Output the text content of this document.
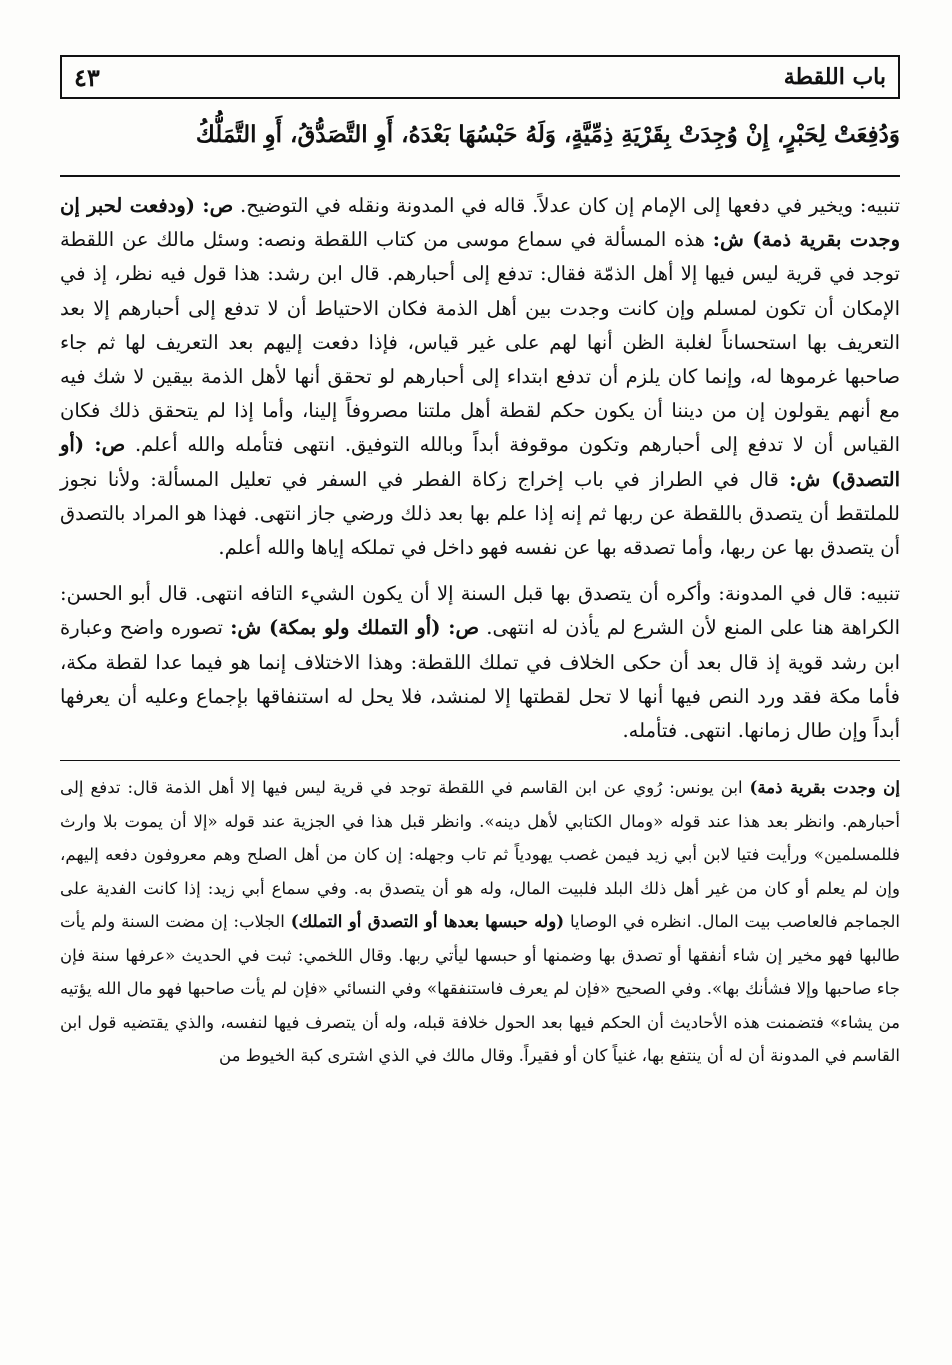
باب اللقطة
٤٣
وَدُفِعَتْ لِحَبْرٍ، إِنْ وُجِدَتْ بِقَرْيَةِ ذِمِّيَّةٍ، وَلَهُ حَبْسُهَا بَعْدَهُ، أَوِ التَّصَدُّقُ، أَوِ التَّمَلُّكُ

تنبيه: ويخير في دفعها إلى الإمام إن كان عدلاً. قاله في المدونة ونقله في التوضيح. ص: (ودفعت لحبر إن وجدت بقرية ذمة) ش: هذه المسألة في سماع موسى من كتاب اللقطة ونصه: وسئل مالك عن اللقطة توجد في قرية ليس فيها إلا أهل الذمّة فقال: تدفع إلى أحبارهم. قال ابن رشد: هذا قول فيه نظر، إذ في الإمكان أن تكون لمسلم وإن كانت وجدت بين أهل الذمة فكان الاحتياط أن لا تدفع إلى أحبارهم إلا بعد التعريف بها استحساناً لغلبة الظن أنها لهم على غير قياس، فإذا دفعت إليهم بعد التعريف لها ثم جاء صاحبها غرموها له، وإنما كان يلزم أن تدفع ابتداء إلى أحبارهم لو تحقق أنها لأهل الذمة بيقين لا شك فيه مع أنهم يقولون إن من ديننا أن يكون حكم لقطة أهل ملتنا مصروفاً إلينا، وأما إذا لم يتحقق ذلك فكان القياس أن لا تدفع إلى أحبارهم وتكون موقوفة أبداً وبالله التوفيق. انتهى فتأمله والله أعلم. ص: (أو التصدق) ش: قال في الطراز في باب إخراج زكاة الفطر في السفر في تعليل المسألة: ولأنا نجوز للملتقط أن يتصدق باللقطة عن ربها ثم إنه إذا علم بها بعد ذلك ورضي جاز انتهى. فهذا هو المراد بالتصدق أن يتصدق بها عن ربها، وأما تصدقه بها عن نفسه فهو داخل في تملكه إياها والله أعلم.

تنبيه: قال في المدونة: وأكره أن يتصدق بها قبل السنة إلا أن يكون الشيء التافه انتهى. قال أبو الحسن: الكراهة هنا على المنع لأن الشرع لم يأذن له انتهى. ص: (أو التملك ولو بمكة) ش: تصوره واضح وعبارة ابن رشد قوية إذ قال بعد أن حكى الخلاف في تملك اللقطة: وهذا الاختلاف إنما هو فيما عدا لقطة مكة، فأما مكة فقد ورد النص فيها أنها لا تحل لقطتها إلا لمنشد، فلا يحل له استنفاقها بإجماع وعليه أن يعرفها أبداً وإن طال زمانها. انتهى. فتأمله.

إن وجدت بقرية ذمة) ابن يونس: رُوي عن ابن القاسم في اللقطة توجد في قرية ليس فيها إلا أهل الذمة قال: تدفع إلى أحبارهم. وانظر بعد هذا عند قوله «ومال الكتابي لأهل دينه». وانظر قبل هذا في الجزية عند قوله «إلا أن يموت بلا وارث فللمسلمين» ورأيت فتيا لابن أبي زيد فيمن غصب يهودياً ثم تاب وجهله: إن كان من أهل الصلح وهم معروفون دفعه إليهم، وإن لم يعلم أو كان من غير أهل ذلك البلد فلبيت المال، وله هو أن يتصدق به. وفي سماع أبي زيد: إذا كانت الفدية على الجماجم فالعاصب بيت المال. انظره في الوصايا (وله حبسها بعدها أو التصدق أو التملك) الجلاب: إن مضت السنة ولم يأت طالبها فهو مخير إن شاء أنفقها أو تصدق بها وضمنها أو حبسها ليأتي ربها. وقال اللخمي: ثبت في الحديث «عرفها سنة فإن جاء صاحبها وإلا فشأنك بها». وفي الصحيح «فإن لم يعرف فاستنفقها» وفي النسائي «فإن لم يأت صاحبها فهو مال الله يؤتيه من يشاء» فتضمنت هذه الأحاديث أن الحكم فيها بعد الحول خلافة قبله، وله أن يتصرف فيها لنفسه، والذي يقتضيه قول ابن القاسم في المدونة أن له أن ينتفع بها، غنياً كان أو فقيراً. وقال مالك في الذي اشترى كبة الخيوط من
